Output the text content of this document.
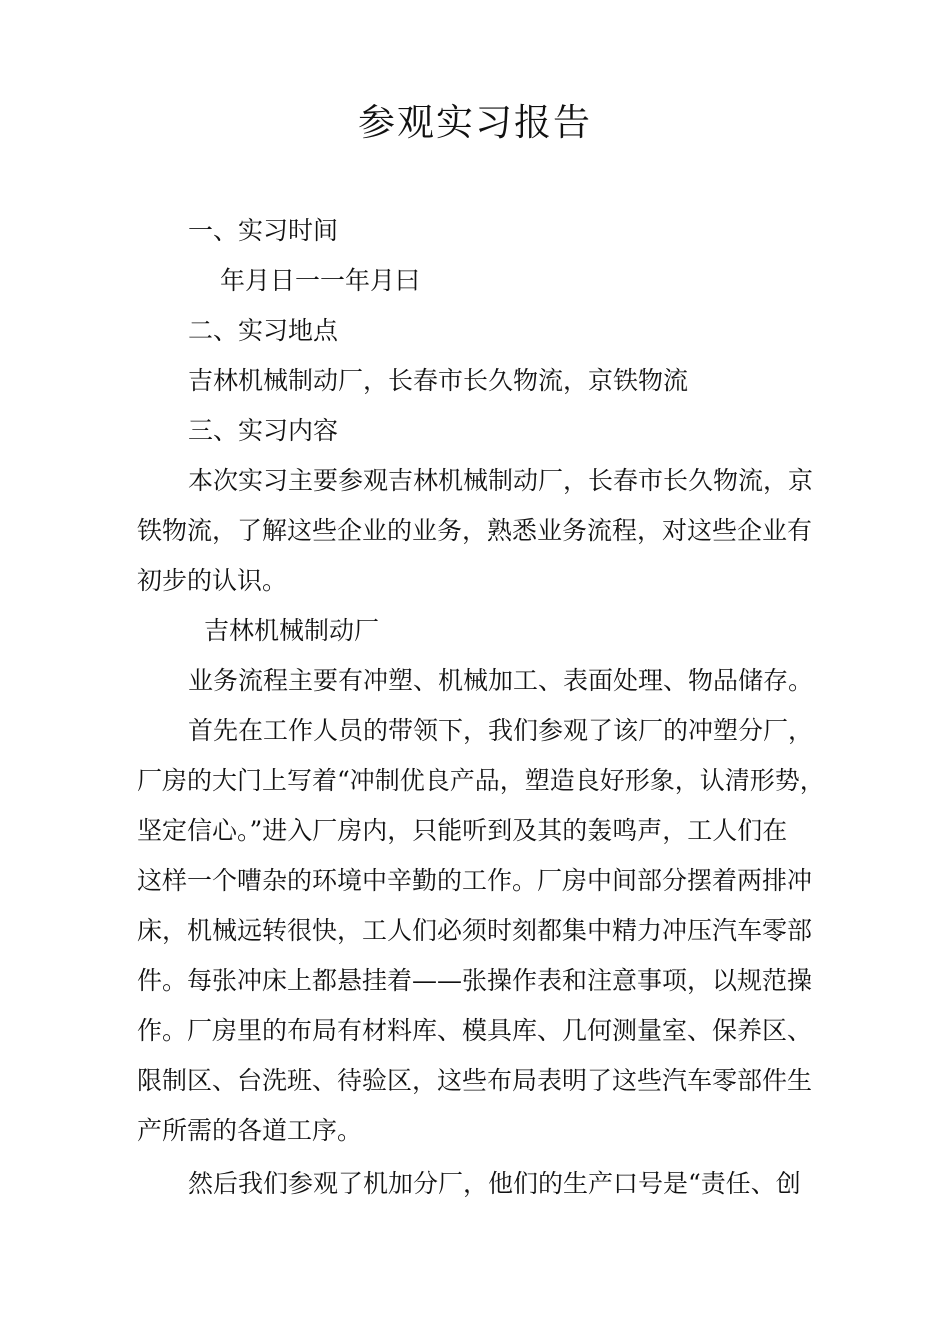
参观实习报告

一、实习时间

年月日一一年月曰

二、实习地点

吉林机械制动厂，长春市长久物流，京铁物流

三、实习内容

本次实习主要参观吉林机械制动厂，长春市长久物流，京

铁物流，了解这些企业的业务，熟悉业务流程，对这些企业有

初步的认识。

吉林机械制动厂

业务流程主要有冲塑、机械加工、表面处理、物品储存。

首先在工作人员的带领下，我们参观了该厂的冲塑分厂，

厂房的大门上写着“冲制优良产品，塑造良好形象，认清形势，

坚定信心。”进入厂房内，只能听到及其的轰鸣声，工人们在

这样一个嘈杂的环境中辛勤的工作。厂房中间部分摆着两排冲

床，机械远转很快，工人们必须时刻都集中精力冲压汽车零部

件。每张冲床上都悬挂着——张操作表和注意事项，以规范操

作。厂房里的布局有材料库、模具库、几何测量室、保养区、

限制区、台洗班、待验区，这些布局表明了这些汽车零部件生

产所需的各道工序。

然后我们参观了机加分厂，他们的生产口号是“责任、创
